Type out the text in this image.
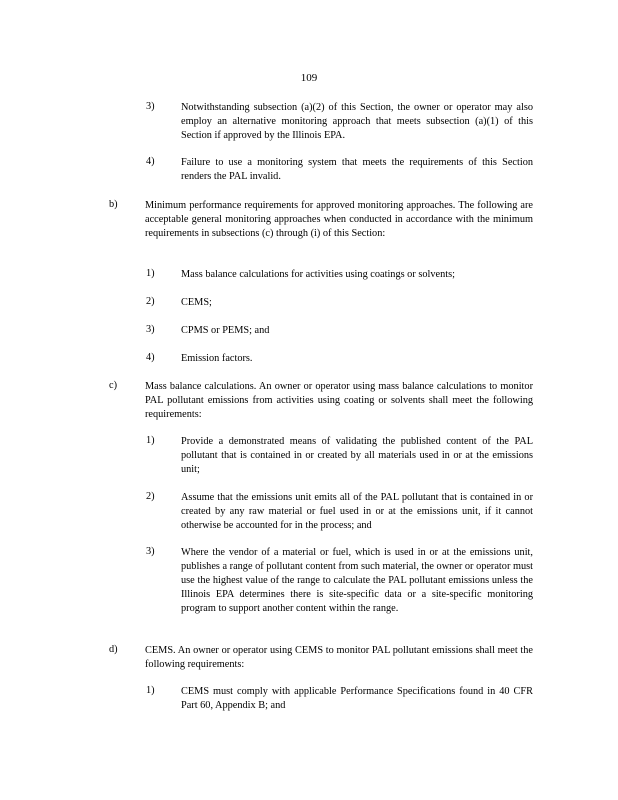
109
3)	Notwithstanding subsection (a)(2) of this Section, the owner or operator may also employ an alternative monitoring approach that meets subsection (a)(1) of this Section if approved by the Illinois EPA.
4)	Failure to use a monitoring system that meets the requirements of this Section renders the PAL invalid.
b)	Minimum performance requirements for approved monitoring approaches. The following are acceptable general monitoring approaches when conducted in accordance with the minimum requirements in subsections (c) through (i) of this Section:
1)	Mass balance calculations for activities using coatings or solvents;
2)	CEMS;
3)	CPMS or PEMS; and
4)	Emission factors.
c)	Mass balance calculations. An owner or operator using mass balance calculations to monitor PAL pollutant emissions from activities using coating or solvents shall meet the following requirements:
1)	Provide a demonstrated means of validating the published content of the PAL pollutant that is contained in or created by all materials used in or at the emissions unit;
2)	Assume that the emissions unit emits all of the PAL pollutant that is contained in or created by any raw material or fuel used in or at the emissions unit, if it cannot otherwise be accounted for in the process; and
3)	Where the vendor of a material or fuel, which is used in or at the emissions unit, publishes a range of pollutant content from such material, the owner or operator must use the highest value of the range to calculate the PAL pollutant emissions unless the Illinois EPA determines there is site-specific data or a site-specific monitoring program to support another content within the range.
d)	CEMS. An owner or operator using CEMS to monitor PAL pollutant emissions shall meet the following requirements:
1)	CEMS must comply with applicable Performance Specifications found in 40 CFR Part 60, Appendix B; and
